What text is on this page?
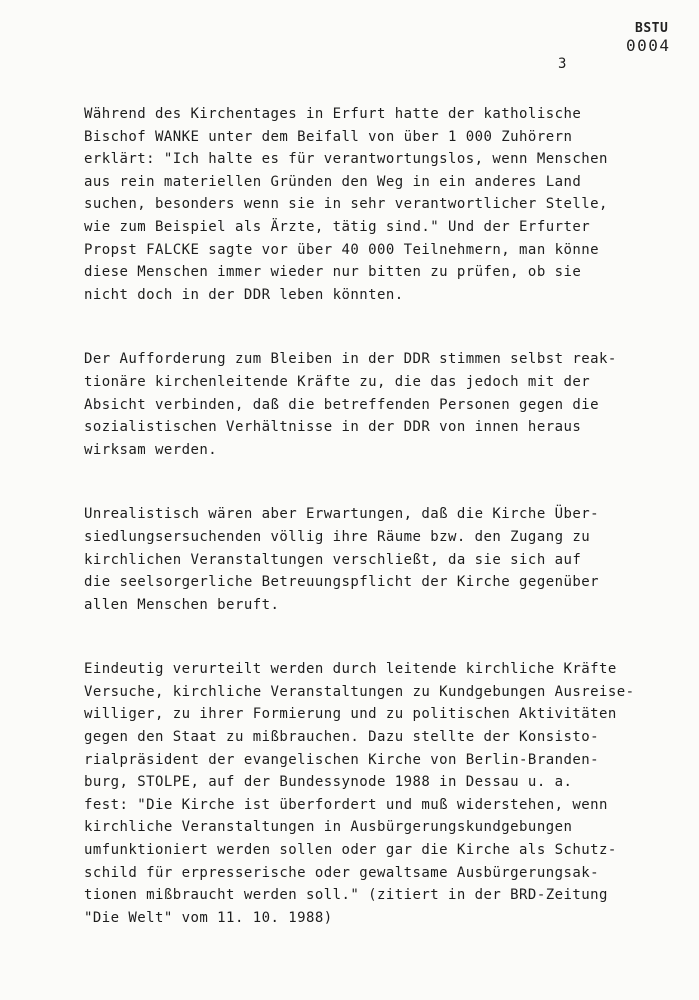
BSTU
0004
3
Während des Kirchentages in Erfurt hatte der katholische
Bischof WANKE unter dem Beifall von über 1 000 Zuhörern
erklärt: "Ich halte es für verantwortungslos, wenn Menschen
aus rein materiellen Gründen den Weg in ein anderes Land
suchen, besonders wenn sie in sehr verantwortlicher Stelle,
wie zum Beispiel als Ärzte, tätig sind." Und der Erfurter
Propst FALCKE sagte vor über 40 000 Teilnehmern, man könne
diese Menschen immer wieder nur bitten zu prüfen, ob sie
nicht doch in der DDR leben könnten.
Der Aufforderung zum Bleiben in der DDR stimmen selbst reak-
tionäre kirchenleitende Kräfte zu, die das jedoch mit der
Absicht verbinden, daß die betreffenden Personen gegen die
sozialistischen Verhältnisse in der DDR von innen heraus
wirksam werden.
Unrealistisch wären aber Erwartungen, daß die Kirche Über-
siedlungsersuchenden völlig ihre Räume bzw. den Zugang zu
kirchlichen Veranstaltungen verschließt, da sie sich auf
die seelsorgerliche Betreuungspflicht der Kirche gegenüber
allen Menschen beruft.
Eindeutig verurteilt werden durch leitende kirchliche Kräfte
Versuche, kirchliche Veranstaltungen zu Kundgebungen Ausreise-
williger, zu ihrer Formierung und zu politischen Aktivitäten
gegen den Staat zu mißbrauchen. Dazu stellte der Konsisto-
rialpräsident der evangelischen Kirche von Berlin-Branden-
burg, STOLPE, auf der Bundessynode 1988 in Dessau u. a.
fest: "Die Kirche ist überfordert und muß widerstehen, wenn
kirchliche Veranstaltungen in Ausbürgerungskundgebungen
umfunktioniert werden sollen oder gar die Kirche als Schutz-
schild für erpresserische oder gewaltsame Ausbürgerungsak-
tionen mißbraucht werden soll." (zitiert in der BRD-Zeitung
"Die Welt" vom 11. 10. 1988)
